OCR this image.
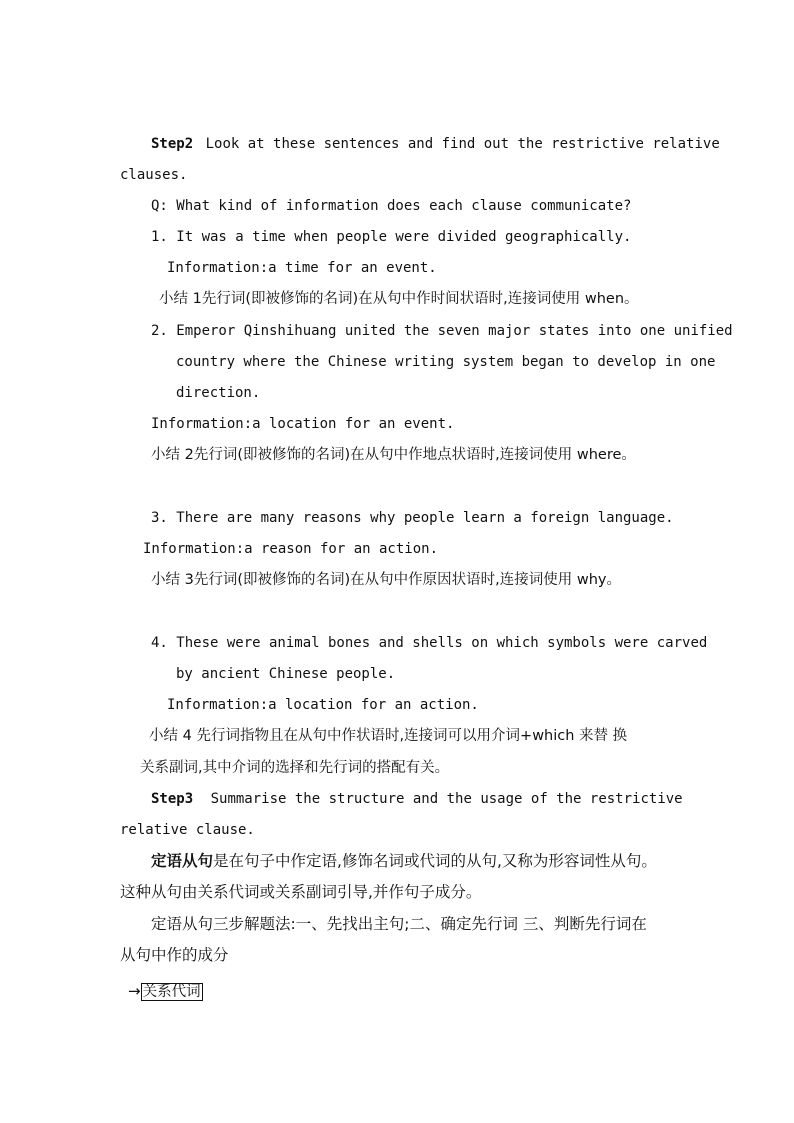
Step2 Look at these sentences and find out the restrictive relative
clauses.
Q: What kind of information does each clause communicate?
1. It was a time when people were divided geographically.
Information:a time for an event.
小结 1先行词(即被修饰的名词)在从句中作时间状语时,连接词使用 when。
2. Emperor Qinshihuang united the seven major states into one unified
country where the Chinese writing system began to develop in one
direction.
Information:a location for an event.
小结 2先行词(即被修饰的名词)在从句中作地点状语时,连接词使用 where。
3. There are many reasons why people learn a foreign language.
Information:a reason for an action.
小结 3先行词(即被修饰的名词)在从句中作原因状语时,连接词使用 why。
4. These were animal bones and shells on which symbols were carved
by ancient Chinese people.
Information:a location for an action.
小结 4 先行词指物且在从句中作状语时,连接词可以用介词+which 来替 换
关系副词,其中介词的选择和先行词的搭配有关。
Step3 Summarise the structure and the usage of the restrictive
relative clause.
定语从句是在句子中作定语,修饰名词或代词的从句,又称为形容词性从句。
这种从句由关系代词或关系副词引导,并作句子成分。
定语从句三步解题法:一、先找出主句;二、确定先行词 三、判断先行词在
从句中作的成分
→ 关系代词
